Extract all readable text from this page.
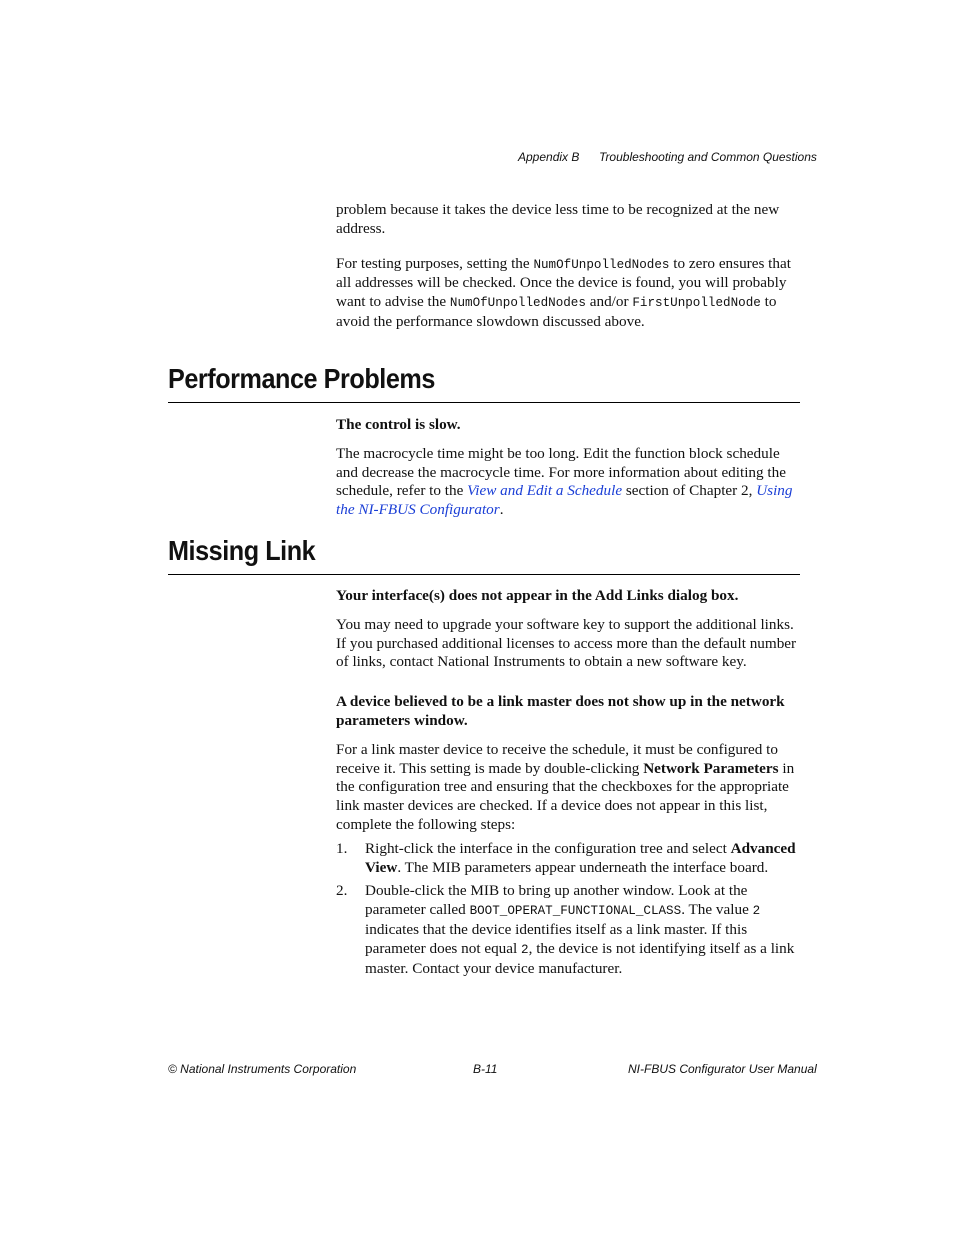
Appendix B Troubleshooting and Common Questions

problem because it takes the device less time to be recognized at the new address.

For testing purposes, setting the NumOfUnpolledNodes to zero ensures that all addresses will be checked. Once the device is found, you will probably want to advise the NumOfUnpolledNodes and/or FirstUnpolledNode to avoid the performance slowdown discussed above.

Performance Problems

The control is slow.

The macrocycle time might be too long. Edit the function block schedule and decrease the macrocycle time. For more information about editing the schedule, refer to the View and Edit a Schedule section of Chapter 2, Using the NI-FBUS Configurator.

Missing Link

Your interface(s) does not appear in the Add Links dialog box.

You may need to upgrade your software key to support the additional links. If you purchased additional licenses to access more than the default number of links, contact National Instruments to obtain a new software key.

A device believed to be a link master does not show up in the network parameters window.

For a link master device to receive the schedule, it must be configured to receive it. This setting is made by double-clicking Network Parameters in the configuration tree and ensuring that the checkboxes for the appropriate link master devices are checked. If a device does not appear in this list, complete the following steps:

1. Right-click the interface in the configuration tree and select Advanced View. The MIB parameters appear underneath the interface board.
2. Double-click the MIB to bring up another window. Look at the parameter called BOOT_OPERAT_FUNCTIONAL_CLASS. The value 2 indicates that the device identifies itself as a link master. If this parameter does not equal 2, the device is not identifying itself as a link master. Contact your device manufacturer.
© National Instruments Corporation	B-11	NI-FBUS Configurator User Manual
